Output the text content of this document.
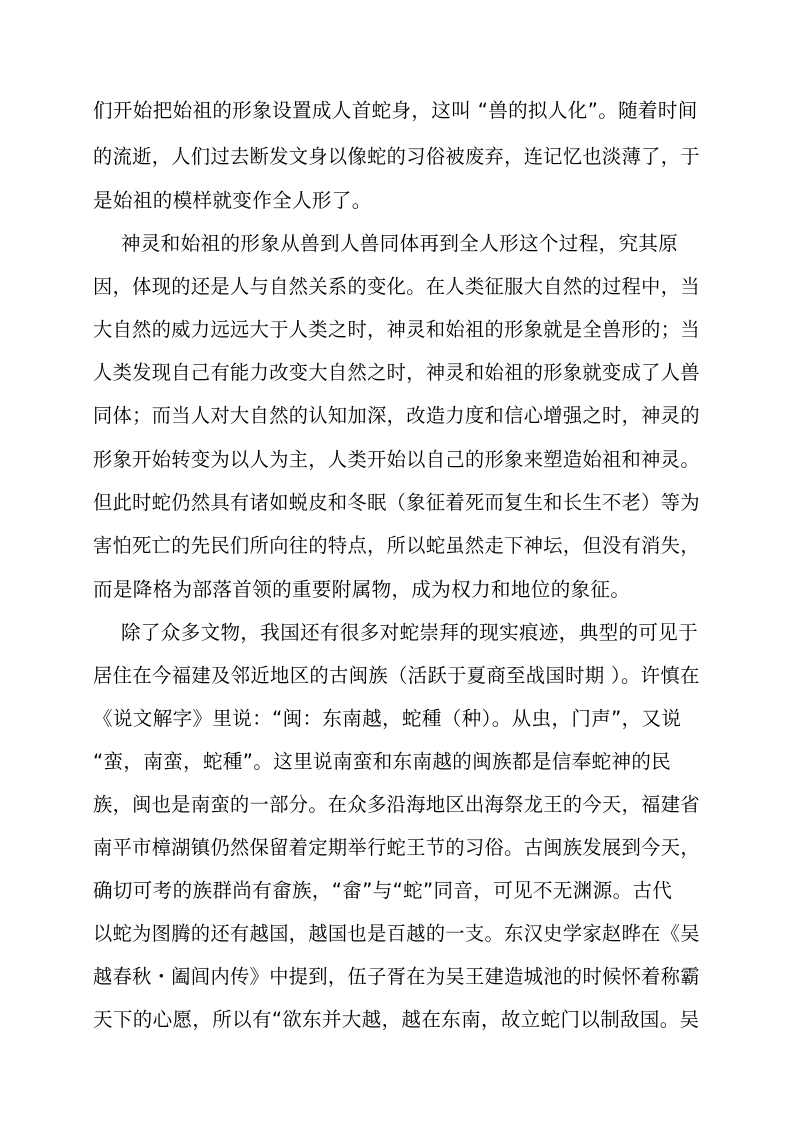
们开始把始祖的形象设置成人首蛇身，这叫 “兽的拟人化”。随着时间
的流逝，人们过去断发文身以像蛇的习俗被废弃，连记忆也淡薄了，于
是始祖的模样就变作全人形了。
神灵和始祖的形象从兽到人兽同体再到全人形这个过程，究其原
因，体现的还是人与自然关系的变化。在人类征服大自然的过程中，当
大自然的威力远远大于人类之时，神灵和始祖的形象就是全兽形的；当
人类发现自己有能力改变大自然之时，神灵和始祖的形象就变成了人兽
同体；而当人对大自然的认知加深，改造力度和信心增强之时，神灵的
形象开始转变为以人为主，人类开始以自己的形象来塑造始祖和神灵。
但此时蛇仍然具有诸如蜕皮和冬眠（象征着死而复生和长生不老）等为
害怕死亡的先民们所向往的特点，所以蛇虽然走下神坛，但没有消失，
而是降格为部落首领的重要附属物，成为权力和地位的象征。
除了众多文物，我国还有很多对蛇崇拜的现实痕迹，典型的可见于
居住在今福建及邻近地区的古闽族（活跃于夏商至战国时期 ）。许慎在
《说文解字》里说：“闽：东南越，蛇種（种）。从虫，门声”，又说
“蛮，南蛮，蛇種”。这里说南蛮和东南越的闽族都是信奉蛇神的民
族，闽也是南蛮的一部分。在众多沿海地区出海祭龙王的今天，福建省
南平市樟湖镇仍然保留着定期举行蛇王节的习俗。古闽族发展到今天，
确切可考的族群尚有畲族，“畲”与“蛇”同音，可见不无渊源。古代
以蛇为图腾的还有越国，越国也是百越的一支。东汉史学家赵晔在《吴
越春秋・阖闾内传》中提到，伍子胥在为吴王建造城池的时候怀着称霸
天下的心愿，所以有“欲东并大越，越在东南，故立蛇门以制敌国。吴
